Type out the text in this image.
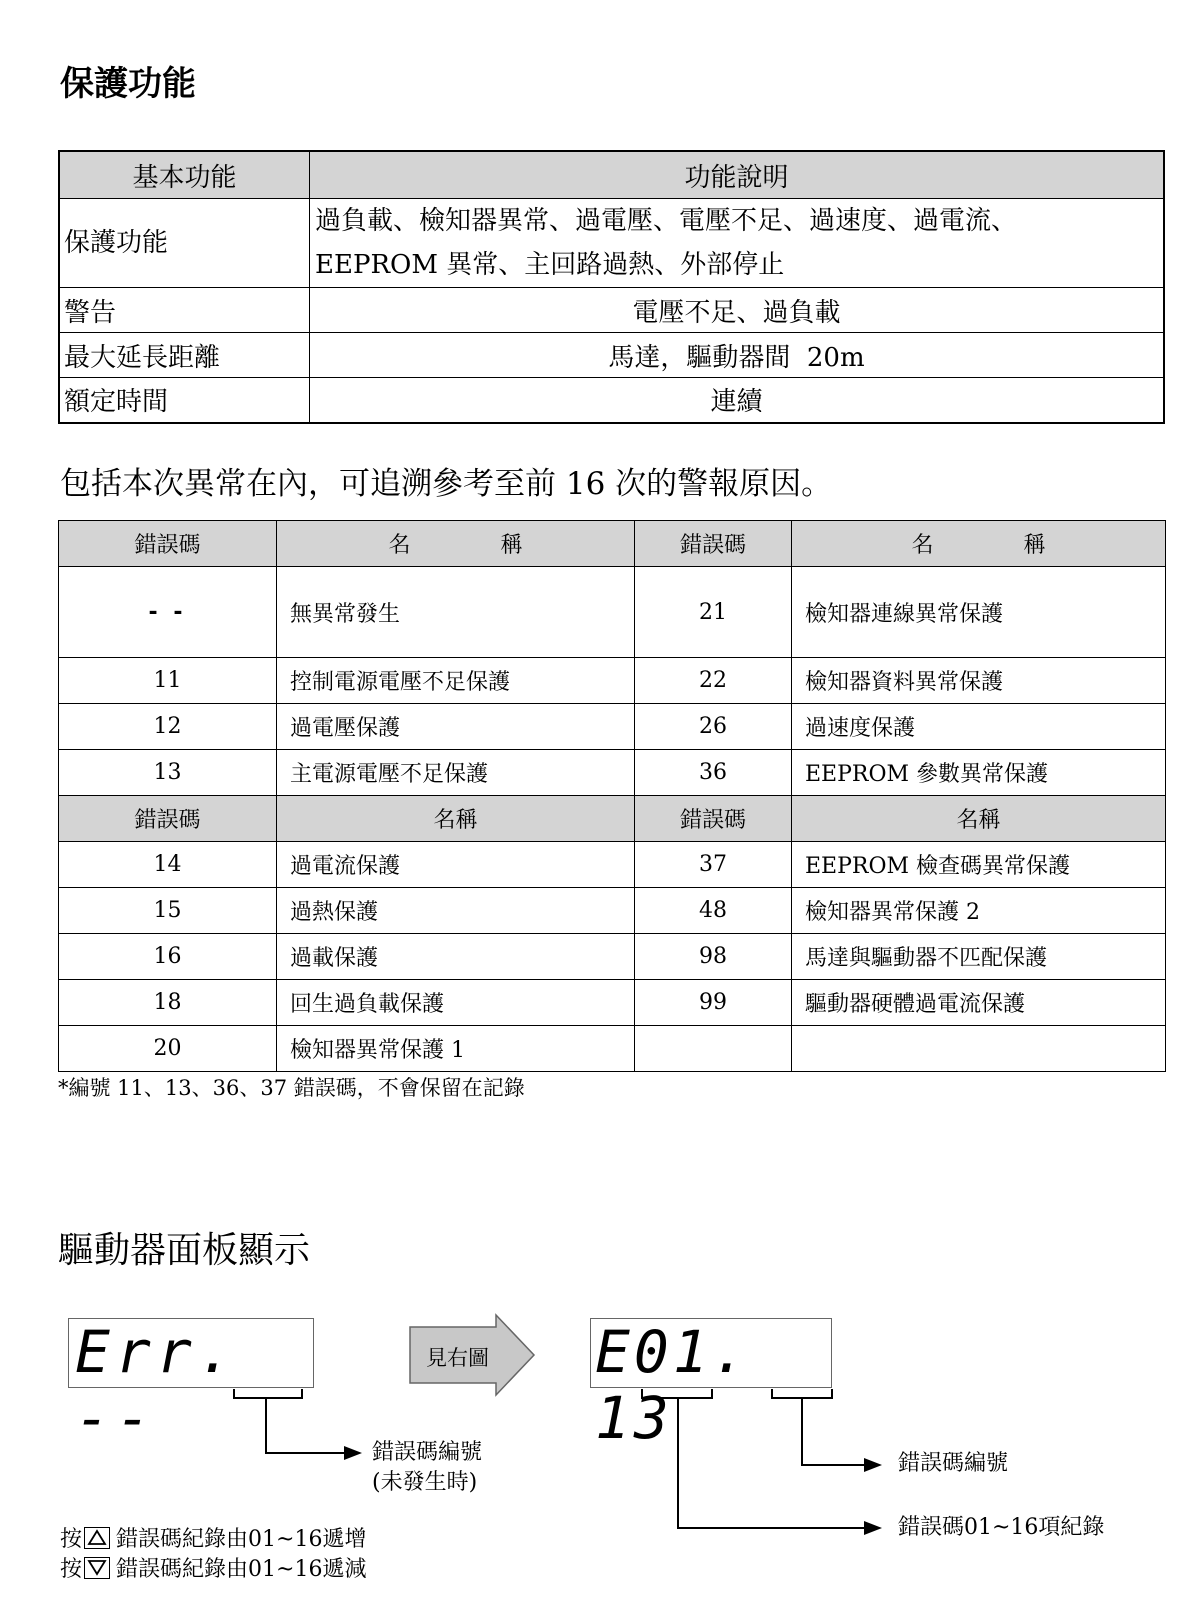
保護功能
基本功能	功能說明
保護功能	過負載、檢知器異常、過電壓、電壓不足、過速度、過電流、
EEPROM 異常、主回路過熱、外部停止

警告	電壓不足、過負載
最大延長距離	馬達，驅動器間  20m
額定時間	連續
包括本次異常在內，可追溯參考至前 16 次的警報原因。
錯誤碼	名 稱	錯誤碼	名 稱
- -	無異常發生	21	檢知器連線異常保護
11	控制電源電壓不足保護	22	檢知器資料異常保護
12	過電壓保護	26	過速度保護
13	主電源電壓不足保護	36	EEPROM 參數異常保護
錯誤碼	名稱	錯誤碼	名稱
14	過電流保護	37	EEPROM 檢查碼異常保護
15	過熱保護	48	檢知器異常保護 2
16	過載保護	98	馬達與驅動器不匹配保護
18	回生過負載保護	99	驅動器硬體過電流保護
20	檢知器異常保護 1		
*編號 11、13、36、37 錯誤碼，不會保留在記錄
驅動器面板顯示
Err. --
見右圖 E01. 13
錯誤碼編號
(未發生時)
錯誤碼編號
錯誤碼01~16項紀錄
按 錯誤碼紀錄由01~16遞增
按 錯誤碼紀錄由01~16遞減
